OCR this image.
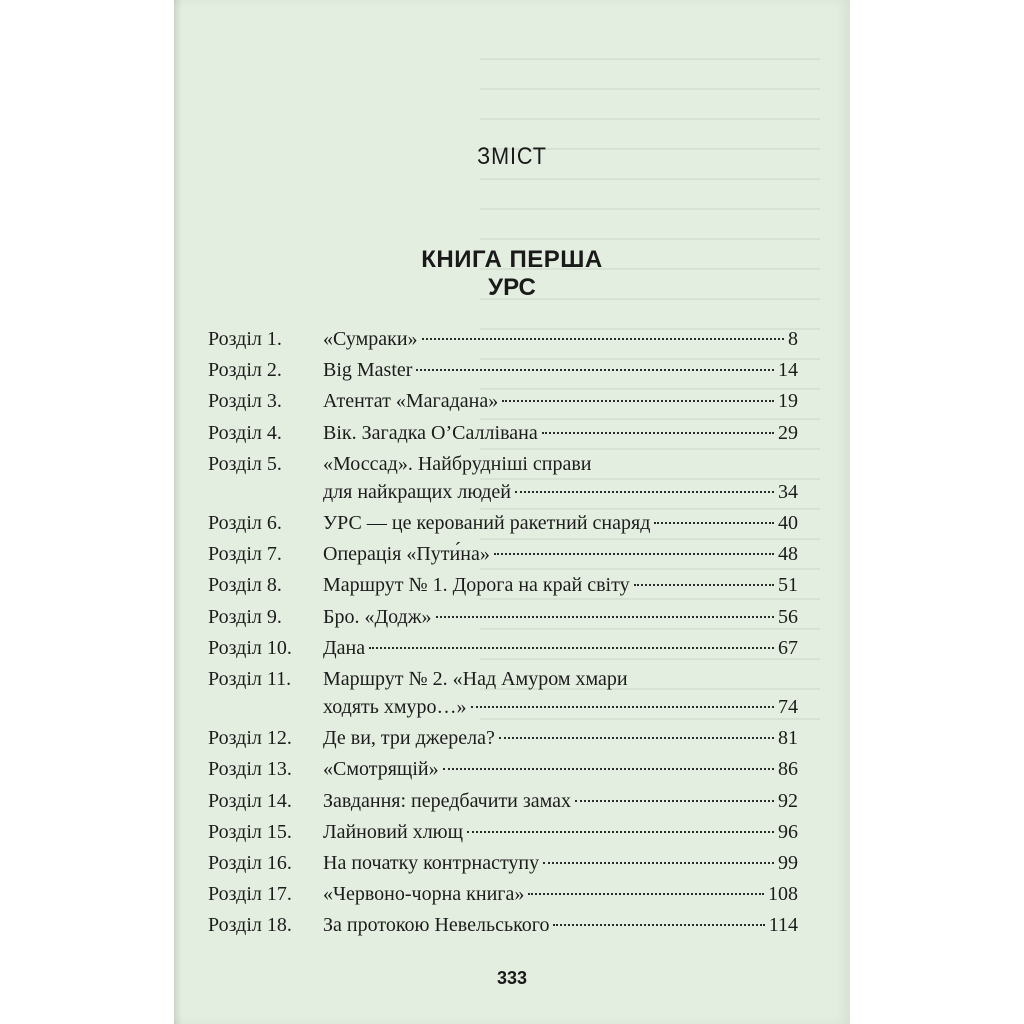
ЗМІСТ
КНИГА ПЕРША
УРС
Розділ 1. «Сумраки»	8
Розділ 2. Big Master	14
Розділ 3. Атентат «Магадана»	19
Розділ 4. Вік. Загадка О’Саллівана	29
Розділ 5. «Моссад». Найбрудніші справи
для найкращих людей	34
Розділ 6. УРС — це керований ракетний снаряд	40
Розділ 7. Операція «Пути́на»	48
Розділ 8. Маршрут № 1. Дорога на край світу	51
Розділ 9. Бро. «Додж»	56
Розділ 10. Дана	67
Розділ 11. Маршрут № 2. «Над Амуром хмари
ходять хмуро…»	74
Розділ 12. Де ви, три джерела?	81
Розділ 13. «Смотрящій»	86
Розділ 14. Завдання: передбачити замах	92
Розділ 15. Лайновий хлющ	96
Розділ 16. На початку контрнаступу	99
Розділ 17. «Червоно-чорна книга»	108
Розділ 18. За протокою Невельського	114
333
